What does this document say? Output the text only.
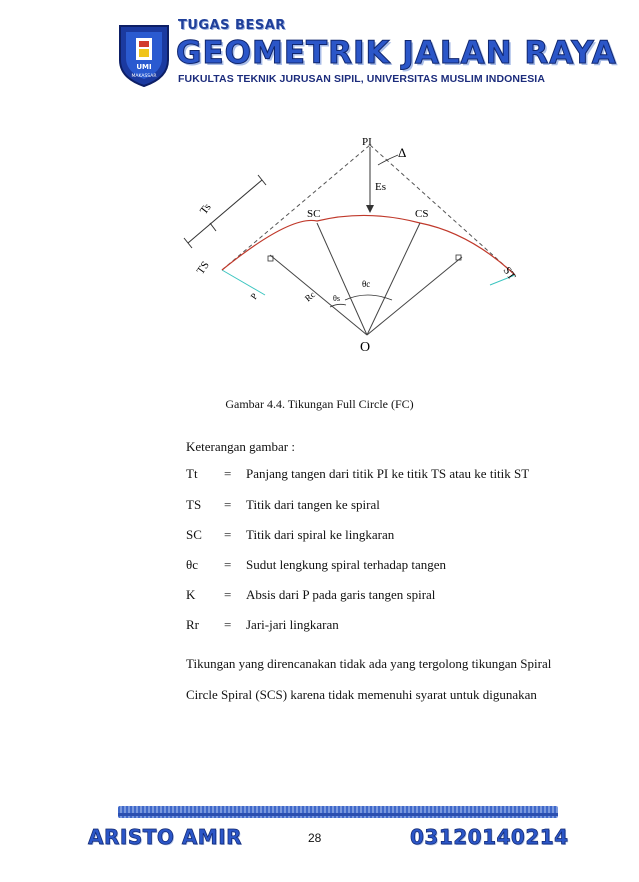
UMI
MAKASSAR
TUGAS BESAR
GEOMETRIK JALAN RAYA
FUKULTAS TEKNIK JURUSAN SIPIL, UNIVERSITAS MUSLIM INDONESIA
PI
Δ
Es
Ts	SC	CS
TS	ST
θc
θs
Rc
P
O
Gambar 4.4. Tikungan Full Circle (FC)
Keterangan gambar :
Tt = Panjang tangen dari titik PI ke titik TS atau ke titik ST
TS = Titik dari tangen ke spiral
SC = Titik dari spiral ke lingkaran
θc = Sudut lengkung spiral terhadap tangen
K = Absis dari P pada garis tangen spiral
Rr = Jari-jari lingkaran
Tikungan yang direncanakan tidak ada yang tergolong tikungan Spiral
Circle Spiral (SCS) karena tidak memenuhi syarat untuk digunakan
ARISTO AMIR	28	03120140214
